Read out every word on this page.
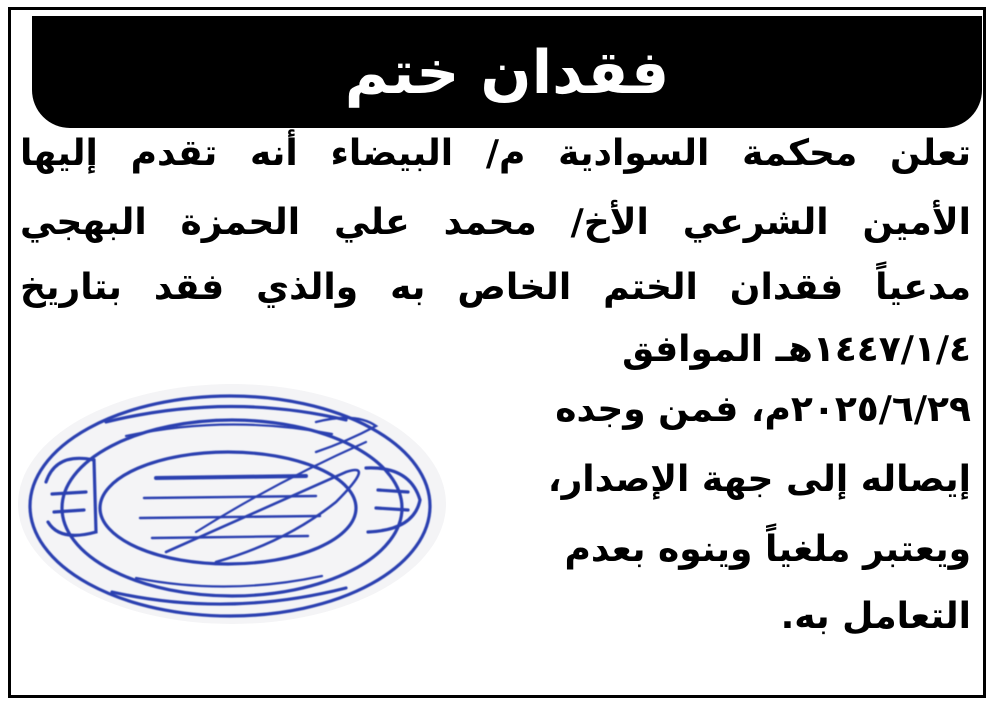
فقدان ختم
تعلن محكمة السوادية م/ البيضاء أنه تقدم إليها
الأمين الشرعي الأخ/ محمد علي الحمزة البهجي
مدعياً فقدان الختم الخاص به والذي فقد بتاريخ
١٤٤٧/١/٤هـ الموافق
٢٠٢٥/٦/٢٩م، فمن وجده
إيصاله إلى جهة الإصدار،
ويعتبر ملغياً وينوه بعدم
التعامل به.
